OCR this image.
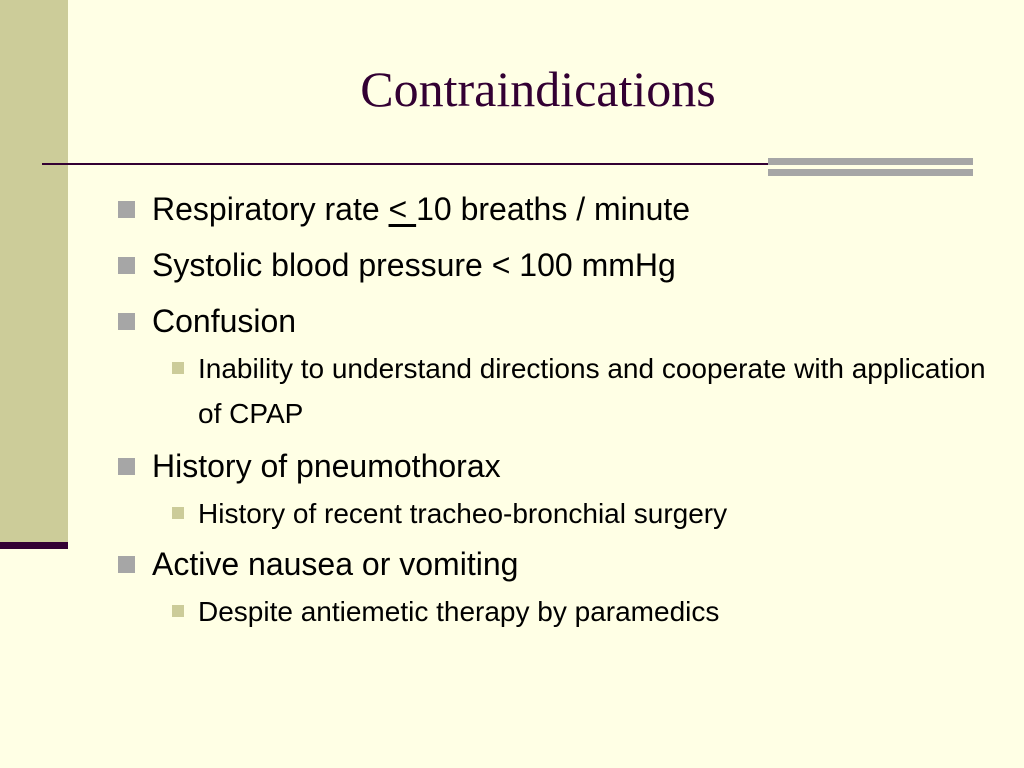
Contraindications
Respiratory rate < 10 breaths / minute
Systolic blood pressure < 100 mmHg
Confusion
Inability to understand directions and cooperate with application of CPAP
History of pneumothorax
History of recent tracheo-bronchial surgery
Active nausea or vomiting
Despite antiemetic therapy by paramedics
